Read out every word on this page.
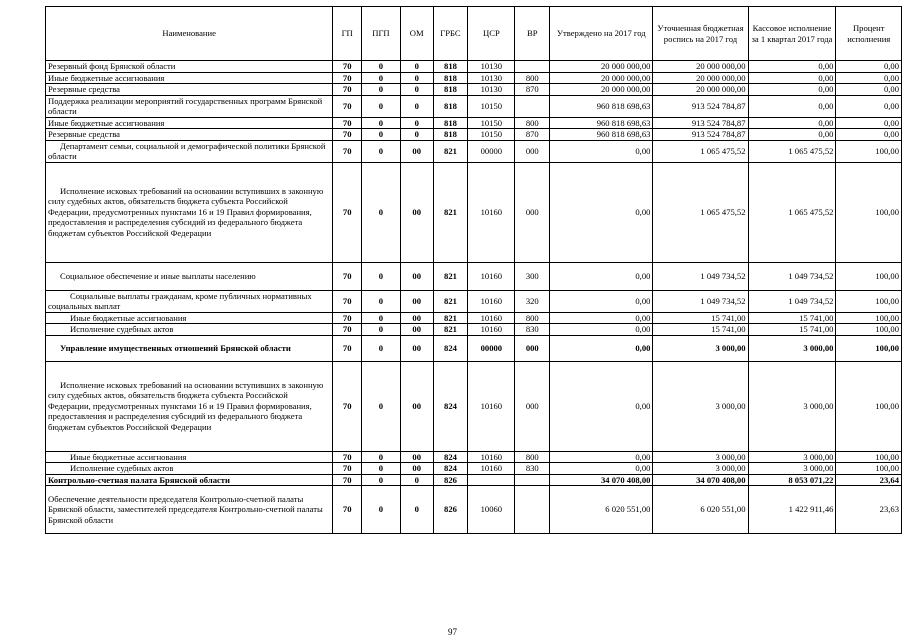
Наименование	ГП	ПГП	ОМ	ГРБС	ЦСР	ВР	Утверждено на 2017 год	Уточненная бюджетная роспись на 2017 год	Кассовое исполнение за 1 квартал 2017 года	Процент исполнения
Резервный фонд Брянской области	70	0	0	818	10130		20 000 000,00	20 000 000,00	0,00	0,00
Иные бюджетные ассигнования	70	0	0	818	10130	800	20 000 000,00	20 000 000,00	0,00	0,00
Резервные средства	70	0	0	818	10130	870	20 000 000,00	20 000 000,00	0,00	0,00
Поддержка реализации мероприятий государственных программ Брянской области	70	0	0	818	10150		960 818 698,63	913 524 784,87	0,00	0,00
Иные бюджетные ассигнования	70	0	0	818	10150	800	960 818 698,63	913 524 784,87	0,00	0,00
Резервные средства	70	0	0	818	10150	870	960 818 698,63	913 524 784,87	0,00	0,00
Департамент семьи, социальной и демографической политики Брянской области	70	0	00	821	00000	000	0,00	1 065 475,52	1 065 475,52	100,00
Исполнение исковых требований на основании вступивших в законную силу судебных актов, обязательств бюджета субъекта Российской Федерации, предусмотренных пунктами 16 и 19 Правил формирования, предоставления и распределения субсидий из федерального бюджета бюджетам субъектов Российской Федерации	70	0	00	821	10160	000	0,00	1 065 475,52	1 065 475,52	100,00
Социальное обеспечение и иные выплаты населению	70	0	00	821	10160	300	0,00	1 049 734,52	1 049 734,52	100,00
Социальные выплаты гражданам, кроме публичных нормативных социальных выплат	70	0	00	821	10160	320	0,00	1 049 734,52	1 049 734,52	100,00
Иные бюджетные ассигнования	70	0	00	821	10160	800	0,00	15 741,00	15 741,00	100,00
Исполнение судебных актов	70	0	00	821	10160	830	0,00	15 741,00	15 741,00	100,00
Управление имущественных отношений Брянской области	70	0	00	824	00000	000	0,00	3 000,00	3 000,00	100,00
Исполнение исковых требований на основании вступивших в законную силу судебных актов, обязательств бюджета субъекта Российской Федерации, предусмотренных пунктами 16 и 19 Правил формирования, предоставления и распределения субсидий из федерального бюджета бюджетам субъектов Российской Федерации	70	0	00	824	10160	000	0,00	3 000,00	3 000,00	100,00
Иные бюджетные ассигнования	70	0	00	824	10160	800	0,00	3 000,00	3 000,00	100,00
Исполнение судебных актов	70	0	00	824	10160	830	0,00	3 000,00	3 000,00	100,00
Контрольно-счетная палата Брянской области	70	0	0	826			34 070 408,00	34 070 408,00	8 053 071,22	23,64
Обеспечение деятельности председателя Контрольно-счетной палаты Брянской области, заместителей председателя Контрольно-счетной палаты Брянской области	70	0	0	826	10060		6 020 551,00	6 020 551,00	1 422 911,46	23,63
97
